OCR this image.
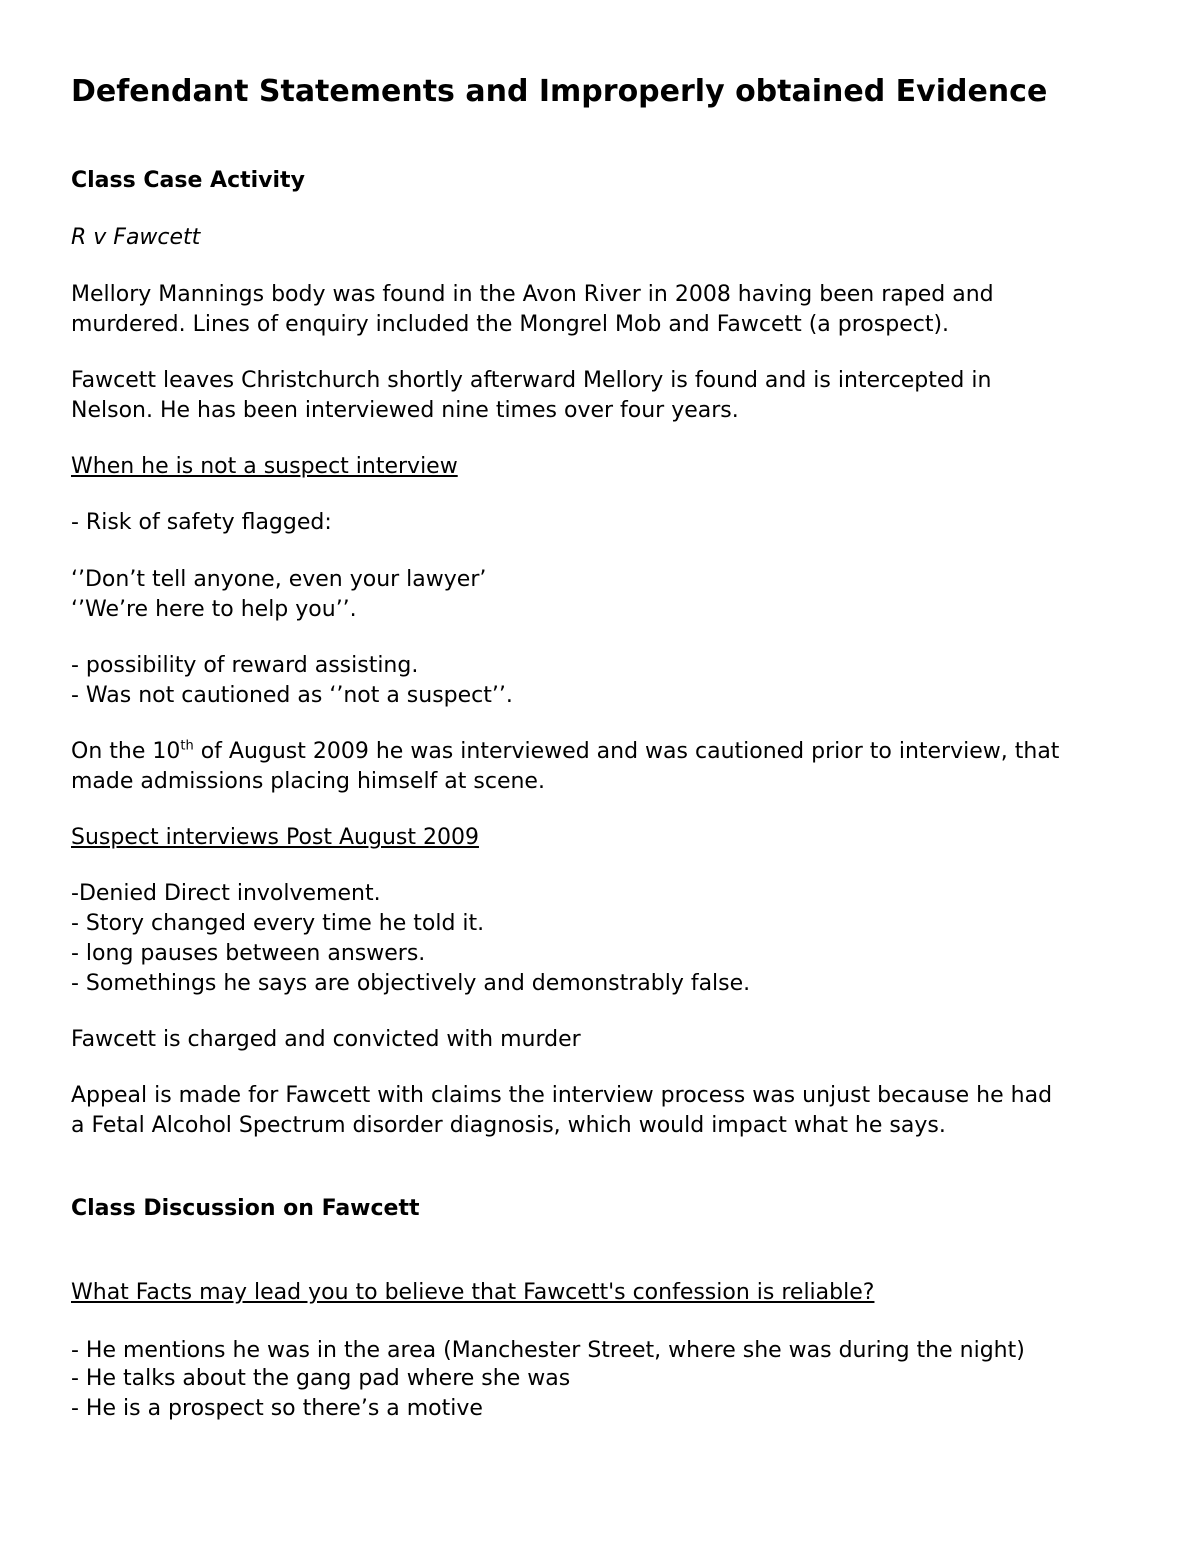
Defendant Statements and Improperly obtained Evidence
Class Case Activity
R v Fawcett
Mellory Mannings body was found in the Avon River in 2008 having been raped and
murdered. Lines of enquiry included the Mongrel Mob and Fawcett (a prospect).
Fawcett leaves Christchurch shortly afterward Mellory is found and is intercepted in
Nelson. He has been interviewed nine times over four years.
When he is not a suspect interview
- Risk of safety flagged:
‘’Don’t tell anyone, even your lawyer’
‘’We’re here to help you’’.
- possibility of reward assisting.
- Was not cautioned as ‘’not a suspect’’.
On the 10th of August 2009 he was interviewed and was cautioned prior to interview, that
made admissions placing himself at scene.
Suspect interviews Post August 2009
-Denied Direct involvement.
- Story changed every time he told it.
- long pauses between answers.
- Somethings he says are objectively and demonstrably false.
Fawcett is charged and convicted with murder
Appeal is made for Fawcett with claims the interview process was unjust because he had
a Fetal Alcohol Spectrum disorder diagnosis, which would impact what he says.
Class Discussion on Fawcett
What Facts may lead you to believe that Fawcett's confession is reliable?
- He mentions he was in the area (Manchester Street, where she was during the night)
- He talks about the gang pad where she was
- He is a prospect so there’s a motive
